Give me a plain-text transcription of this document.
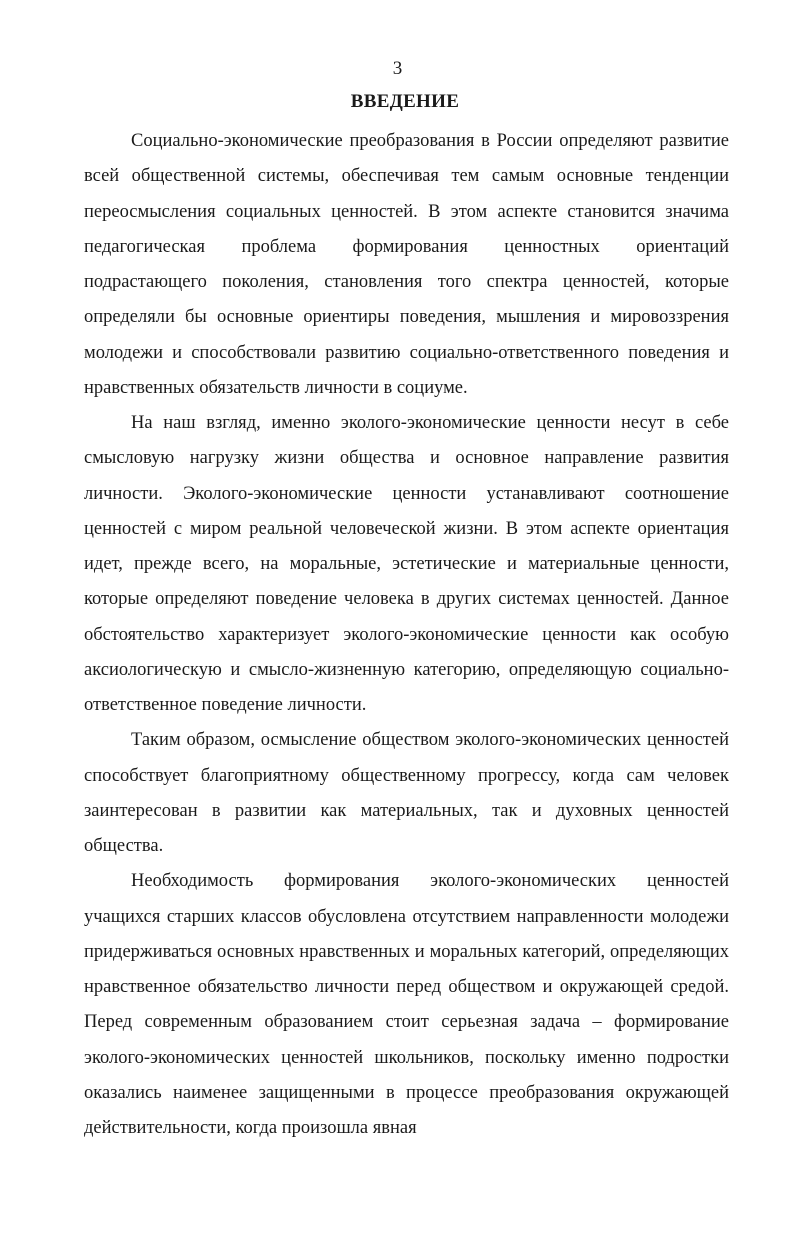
3
ВВЕДЕНИЕ

Социально-экономические преобразования в России определяют развитие всей общественной системы, обеспечивая тем самым основные тенденции переосмысления социальных ценностей. В этом аспекте становится значима педагогическая проблема формирования ценностных ориентаций подрастающего поколения, становления того спектра ценностей, которые определяли бы основные ориентиры поведения, мышления и мировоззрения молодежи и способствовали развитию социально-ответственного поведения и нравственных обязательств личности в социуме.

На наш взгляд, именно эколого-экономические ценности несут в себе смысловую нагрузку жизни общества и основное направление развития личности. Эколого-экономические ценности устанавливают соотношение ценностей с миром реальной человеческой жизни. В этом аспекте ориентация идет, прежде всего, на моральные, эстетические и материальные ценности, которые определяют поведение человека в других системах ценностей. Данное обстоятельство характеризует эколого-экономические ценности как особую аксиологическую и смысло-жизненную категорию, определяющую социально-ответственное поведение личности.

Таким образом, осмысление обществом эколого-экономических ценностей способствует благоприятному общественному прогрессу, когда сам человек заинтересован в развитии как материальных, так и духовных ценностей общества.

Необходимость формирования эколого-экономических ценностей учащихся старших классов обусловлена отсутствием направленности молодежи придерживаться основных нравственных и моральных категорий, определяющих нравственное обязательство личности перед обществом и окружающей средой. Перед современным образованием стоит серьезная задача – формирование эколого-экономических ценностей школьников, поскольку именно подростки оказались наименее защищенными в процессе преобразования окружающей действительности, когда произошла явная
